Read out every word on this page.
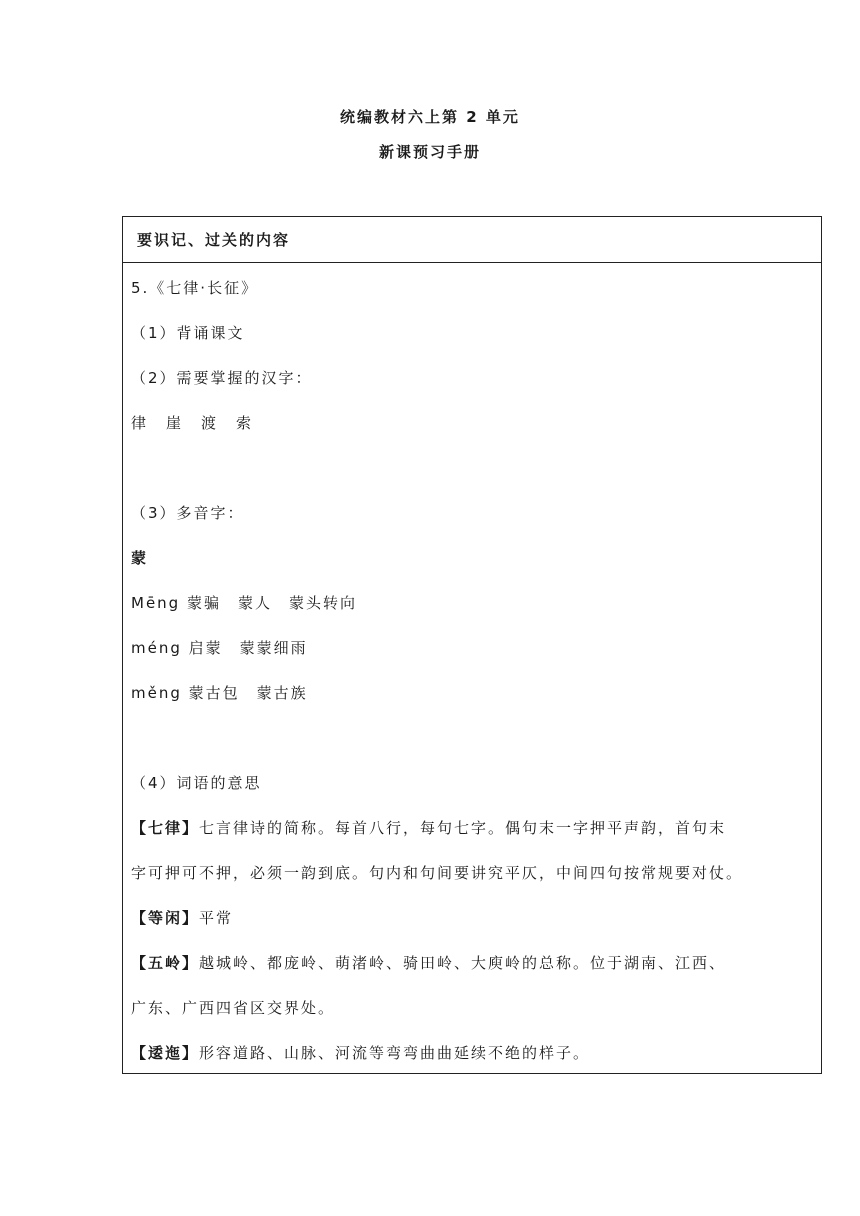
统编教材六上第 2 单元
新课预习手册
要识记、过关的内容
5.《七律·长征》
（1）背诵课文
（2）需要掌握的汉字：
律 崖 渡 索
（3）多音字：
蒙
Mēng 蒙骗　蒙人　蒙头转向
méng 启蒙　蒙蒙细雨
měng 蒙古包　蒙古族
（4）词语的意思
【七律】七言律诗的简称。每首八行，每句七字。偶句末一字押平声韵，首句末
字可押可不押，必须一韵到底。句内和句间要讲究平仄，中间四句按常规要对仗。
【等闲】平常
【五岭】越城岭、都庞岭、萌渚岭、骑田岭、大庾岭的总称。位于湖南、江西、
广东、广西四省区交界处。
【逶迤】形容道路、山脉、河流等弯弯曲曲延续不绝的样子。
